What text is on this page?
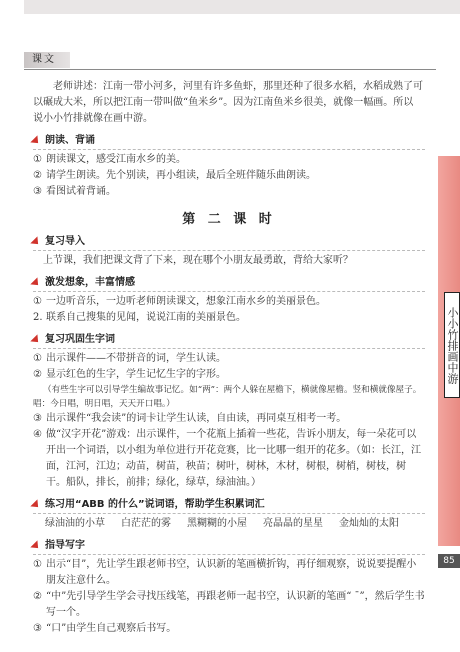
课文

老师讲述：江南一带小河多，河里有许多鱼虾，那里还种了很多水稻，水稻成熟了可

以碾成大米，所以把江南一带叫做“鱼米乡”。因为江南鱼米乡很美，就像一幅画。所以

说小小竹排就像在画中游。

朗读、背诵
① 朗读课文，感受江南水乡的美。
② 请学生朗读。先个别读，再小组读，最后全班伴随乐曲朗读。
③ 看图试着背诵。
第 二 课 时
复习导入
上节课，我们把课文背了下来，现在哪个小朋友最勇敢，背给大家听？
激发想象，丰富情感
① 一边听音乐，一边听老师朗读课文，想象江南水乡的美丽景色。
2. 联系自己搜集的见闻，说说江南的美丽景色。
复习巩固生字词
① 出示课件——不带拼音的词，学生认读。
② 显示红色的生字，学生记忆生字的字形。
（有些生字可以引导学生编故事记忆。如“两”：两个人躲在屋檐下，横就像屋檐。竖和横就像屋子。唱：今日唱，明日唱，天天开口唱。）
③ 出示课件“我会读”的词卡让学生认读，自由读，再同桌互相考一考。
④ 做“汉字开花”游戏：出示课件，一个花瓶上插着一些花，告诉小朋友，每一朵花可以开出一个词语，以小组为单位进行开花竞赛，比一比哪一组开的花多。（如：长江，江面，江河，江边；动苗，树苗，秧苗；树叶，树林，木材，树根，树梢，树枝，树干。船队，排长，前排；绿化，绿草，绿油油。）
练习用“ABB 的什么”说词语，帮助学生积累词汇
绿油油的小草 白茫茫的雾 黑糊糊的小屋 亮晶晶的星星 金灿灿的太阳
指导写字
① 出示“目”，先让学生跟老师书空，认识新的笔画横折钩，再仔细观察，说说要提醒小朋友注意什么。
② “中”先引导学生学会寻找压线笔，再跟老师一起书空，认识新的笔画“ ˉ”，然后学生书写一个。
③ “口”由学生自己观察后书写。
小小竹排画中游
85
